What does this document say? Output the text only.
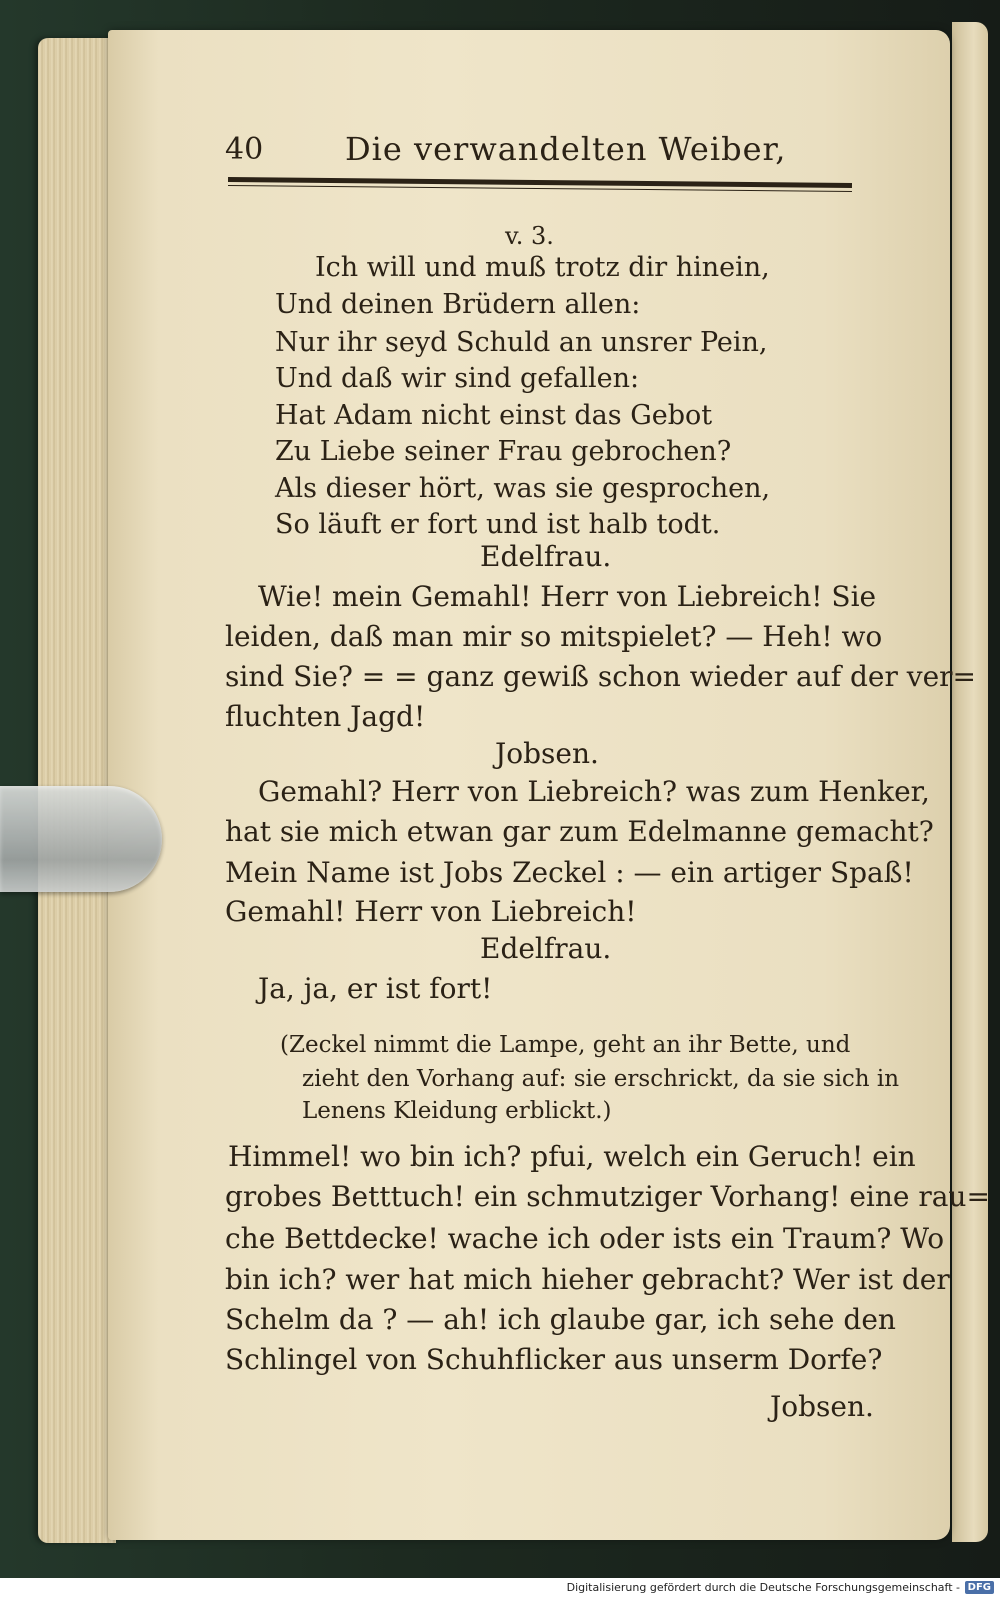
40	Die verwandelten Weiber,
v. 3.
Ich will und muß trotz dir hinein,
Und deinen Brüdern allen:
Nur ihr seyd Schuld an unsrer Pein,
Und daß wir sind gefallen:
Hat Adam nicht einst das Gebot
Zu Liebe seiner Frau gebrochen?
Als dieser hört, was sie gesprochen,
So läuft er fort und ist halb todt.
Edelfrau.
Wie! mein Gemahl! Herr von Liebreich! Sie
leiden, daß man mir so mitspielet? — Heh! wo
sind Sie? = = ganz gewiß schon wieder auf der ver=
fluchten Jagd!
Jobsen.
Gemahl? Herr von Liebreich? was zum Henker,
hat sie mich etwan gar zum Edelmanne gemacht?
Mein Name ist Jobs Zeckel : — ein artiger Spaß!
Gemahl! Herr von Liebreich!
Edelfrau.
Ja, ja, er ist fort!
(Zeckel nimmt die Lampe, geht an ihr Bette, und
zieht den Vorhang auf: sie erschrickt, da sie sich in
Lenens Kleidung erblickt.)
Himmel! wo bin ich? pfui, welch ein Geruch! ein
grobes Betttuch! ein schmutziger Vorhang! eine rau=
che Bettdecke! wache ich oder ists ein Traum? Wo
bin ich? wer hat mich hieher gebracht? Wer ist der
Schelm da ? — ah! ich glaube gar, ich sehe den
Schlingel von Schuhflicker aus unserm Dorfe?
Jobsen.
Digitalisierung gefördert durch die Deutsche Forschungsgemeinschaft - DFG
